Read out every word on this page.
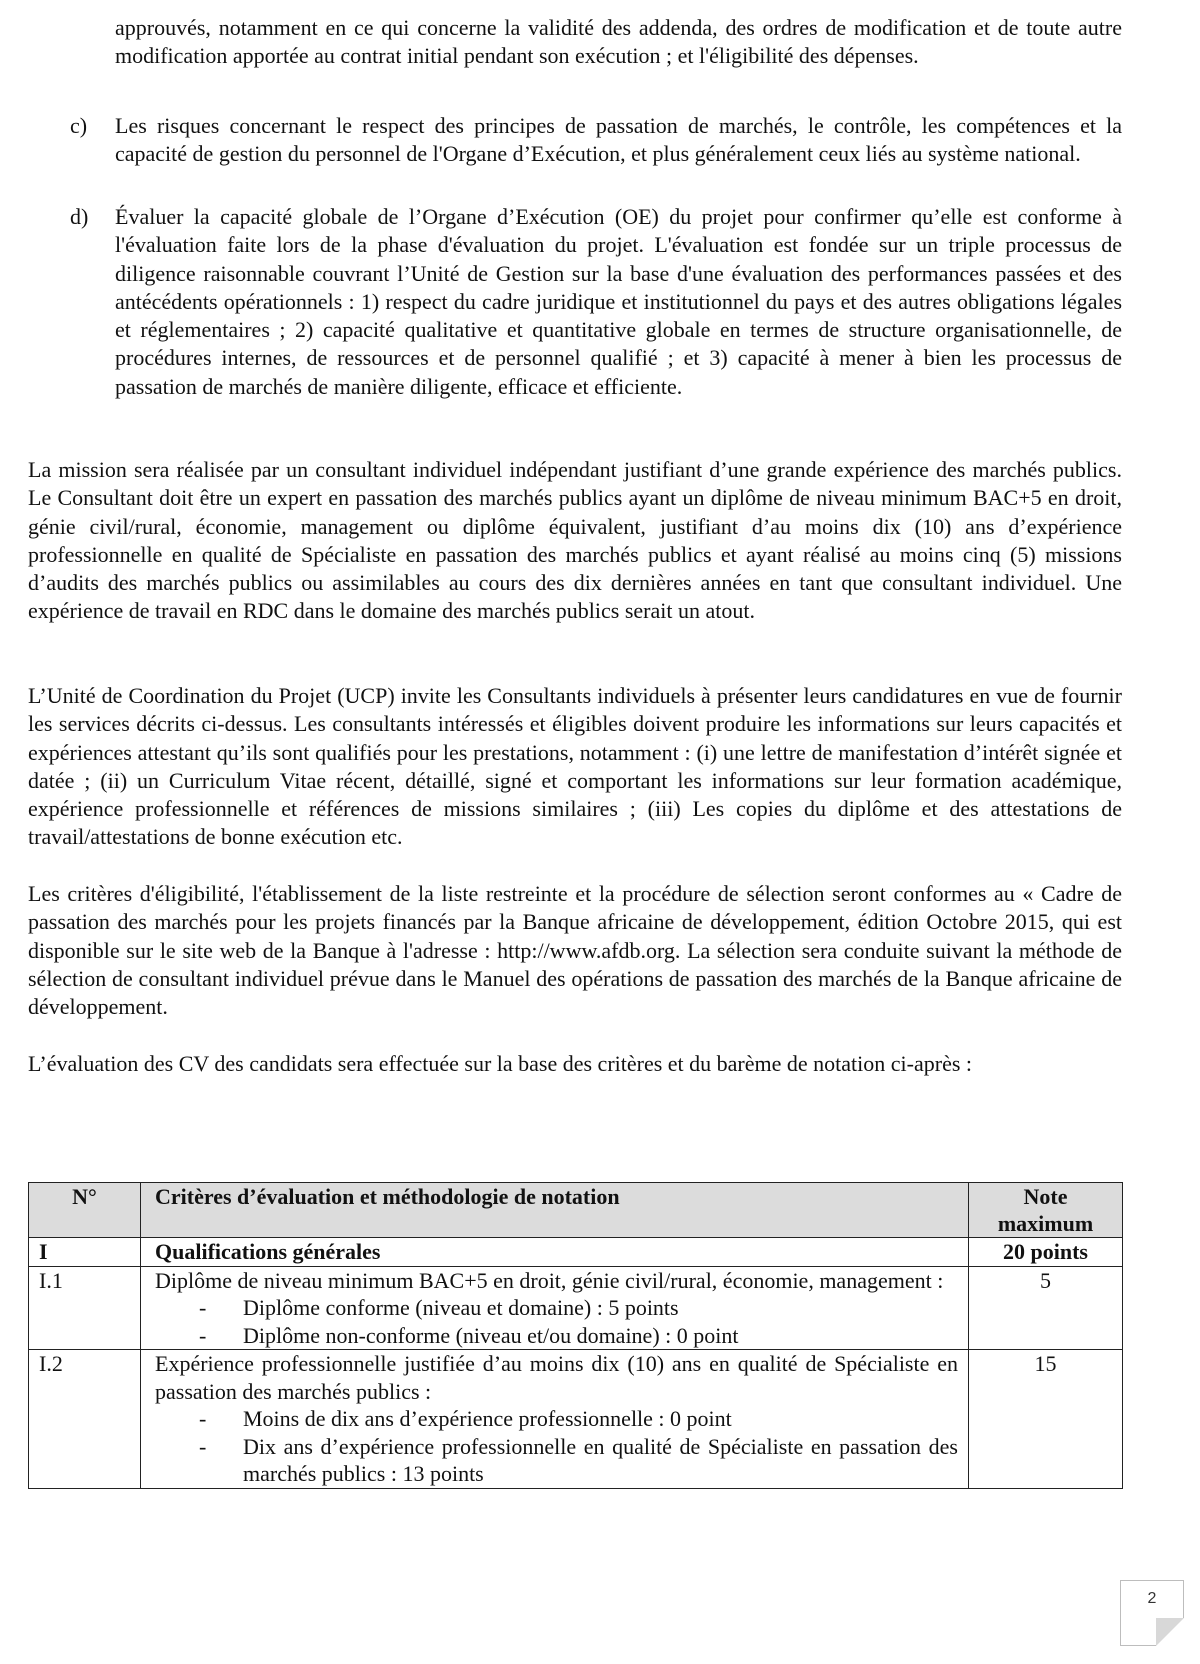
approuvés, notamment en ce qui concerne la validité des addenda, des ordres de modification et de toute autre modification apportée au contrat initial pendant son exécution ; et l'éligibilité des dépenses.
c) Les risques concernant le respect des principes de passation de marchés, le contrôle, les compétences et la capacité de gestion du personnel de l'Organe d’Exécution, et plus généralement ceux liés au système national.
d) Évaluer la capacité globale de l’Organe d’Exécution (OE) du projet pour confirmer qu’elle est conforme à l'évaluation faite lors de la phase d'évaluation du projet. L'évaluation est fondée sur un triple processus de diligence raisonnable couvrant l’Unité de Gestion sur la base d'une évaluation des performances passées et des antécédents opérationnels : 1) respect du cadre juridique et institutionnel du pays et des autres obligations légales et réglementaires ; 2) capacité qualitative et quantitative globale en termes de structure organisationnelle, de procédures internes, de ressources et de personnel qualifié ; et 3) capacité à mener à bien les processus de passation de marchés de manière diligente, efficace et efficiente.
La mission sera réalisée par un consultant individuel indépendant justifiant d’une grande expérience des marchés publics. Le Consultant doit être un expert en passation des marchés publics ayant un diplôme de niveau minimum BAC+5 en droit, génie civil/rural, économie, management ou diplôme équivalent, justifiant d’au moins dix (10) ans d’expérience professionnelle en qualité de Spécialiste en passation des marchés publics et ayant réalisé au moins cinq (5) missions d’audits des marchés publics ou assimilables au cours des dix dernières années en tant que consultant individuel. Une expérience de travail en RDC dans le domaine des marchés publics serait un atout.
L’Unité de Coordination du Projet (UCP) invite les Consultants individuels à présenter leurs candidatures en vue de fournir les services décrits ci-dessus. Les consultants intéressés et éligibles doivent produire les informations sur leurs capacités et expériences attestant qu’ils sont qualifiés pour les prestations, notamment : (i) une lettre de manifestation d’intérêt signée et datée ; (ii) un Curriculum Vitae récent, détaillé, signé et comportant les informations sur leur formation académique, expérience professionnelle et références de missions similaires ; (iii) Les copies du diplôme et des attestations de travail/attestations de bonne exécution etc.
Les critères d'éligibilité, l'établissement de la liste restreinte et la procédure de sélection seront conformes au « Cadre de passation des marchés pour les projets financés par la Banque africaine de développement, édition Octobre 2015, qui est disponible sur le site web de la Banque à l'adresse : http://www.afdb.org. La sélection sera conduite suivant la méthode de sélection de consultant individuel prévue dans le Manuel des opérations de passation des marchés de la Banque africaine de développement.
L’évaluation des CV des candidats sera effectuée sur la base des critères et du barème de notation ci-après :
N°	Critères d’évaluation et méthodologie de notation	Note maximum
I	Qualifications générales	20 points
I.1	Diplôme de niveau minimum BAC+5 en droit, génie civil/rural, économie, management :
- Diplôme conforme (niveau et domaine) : 5 points
- Diplôme non-conforme (niveau et/ou domaine) : 0 point	5
I.2	Expérience professionnelle justifiée d’au moins dix (10) ans en qualité de Spécialiste en passation des marchés publics :
- Moins de dix ans d’expérience professionnelle : 0 point
- Dix ans d’expérience professionnelle en qualité de Spécialiste en passation des marchés publics : 13 points	15
2
